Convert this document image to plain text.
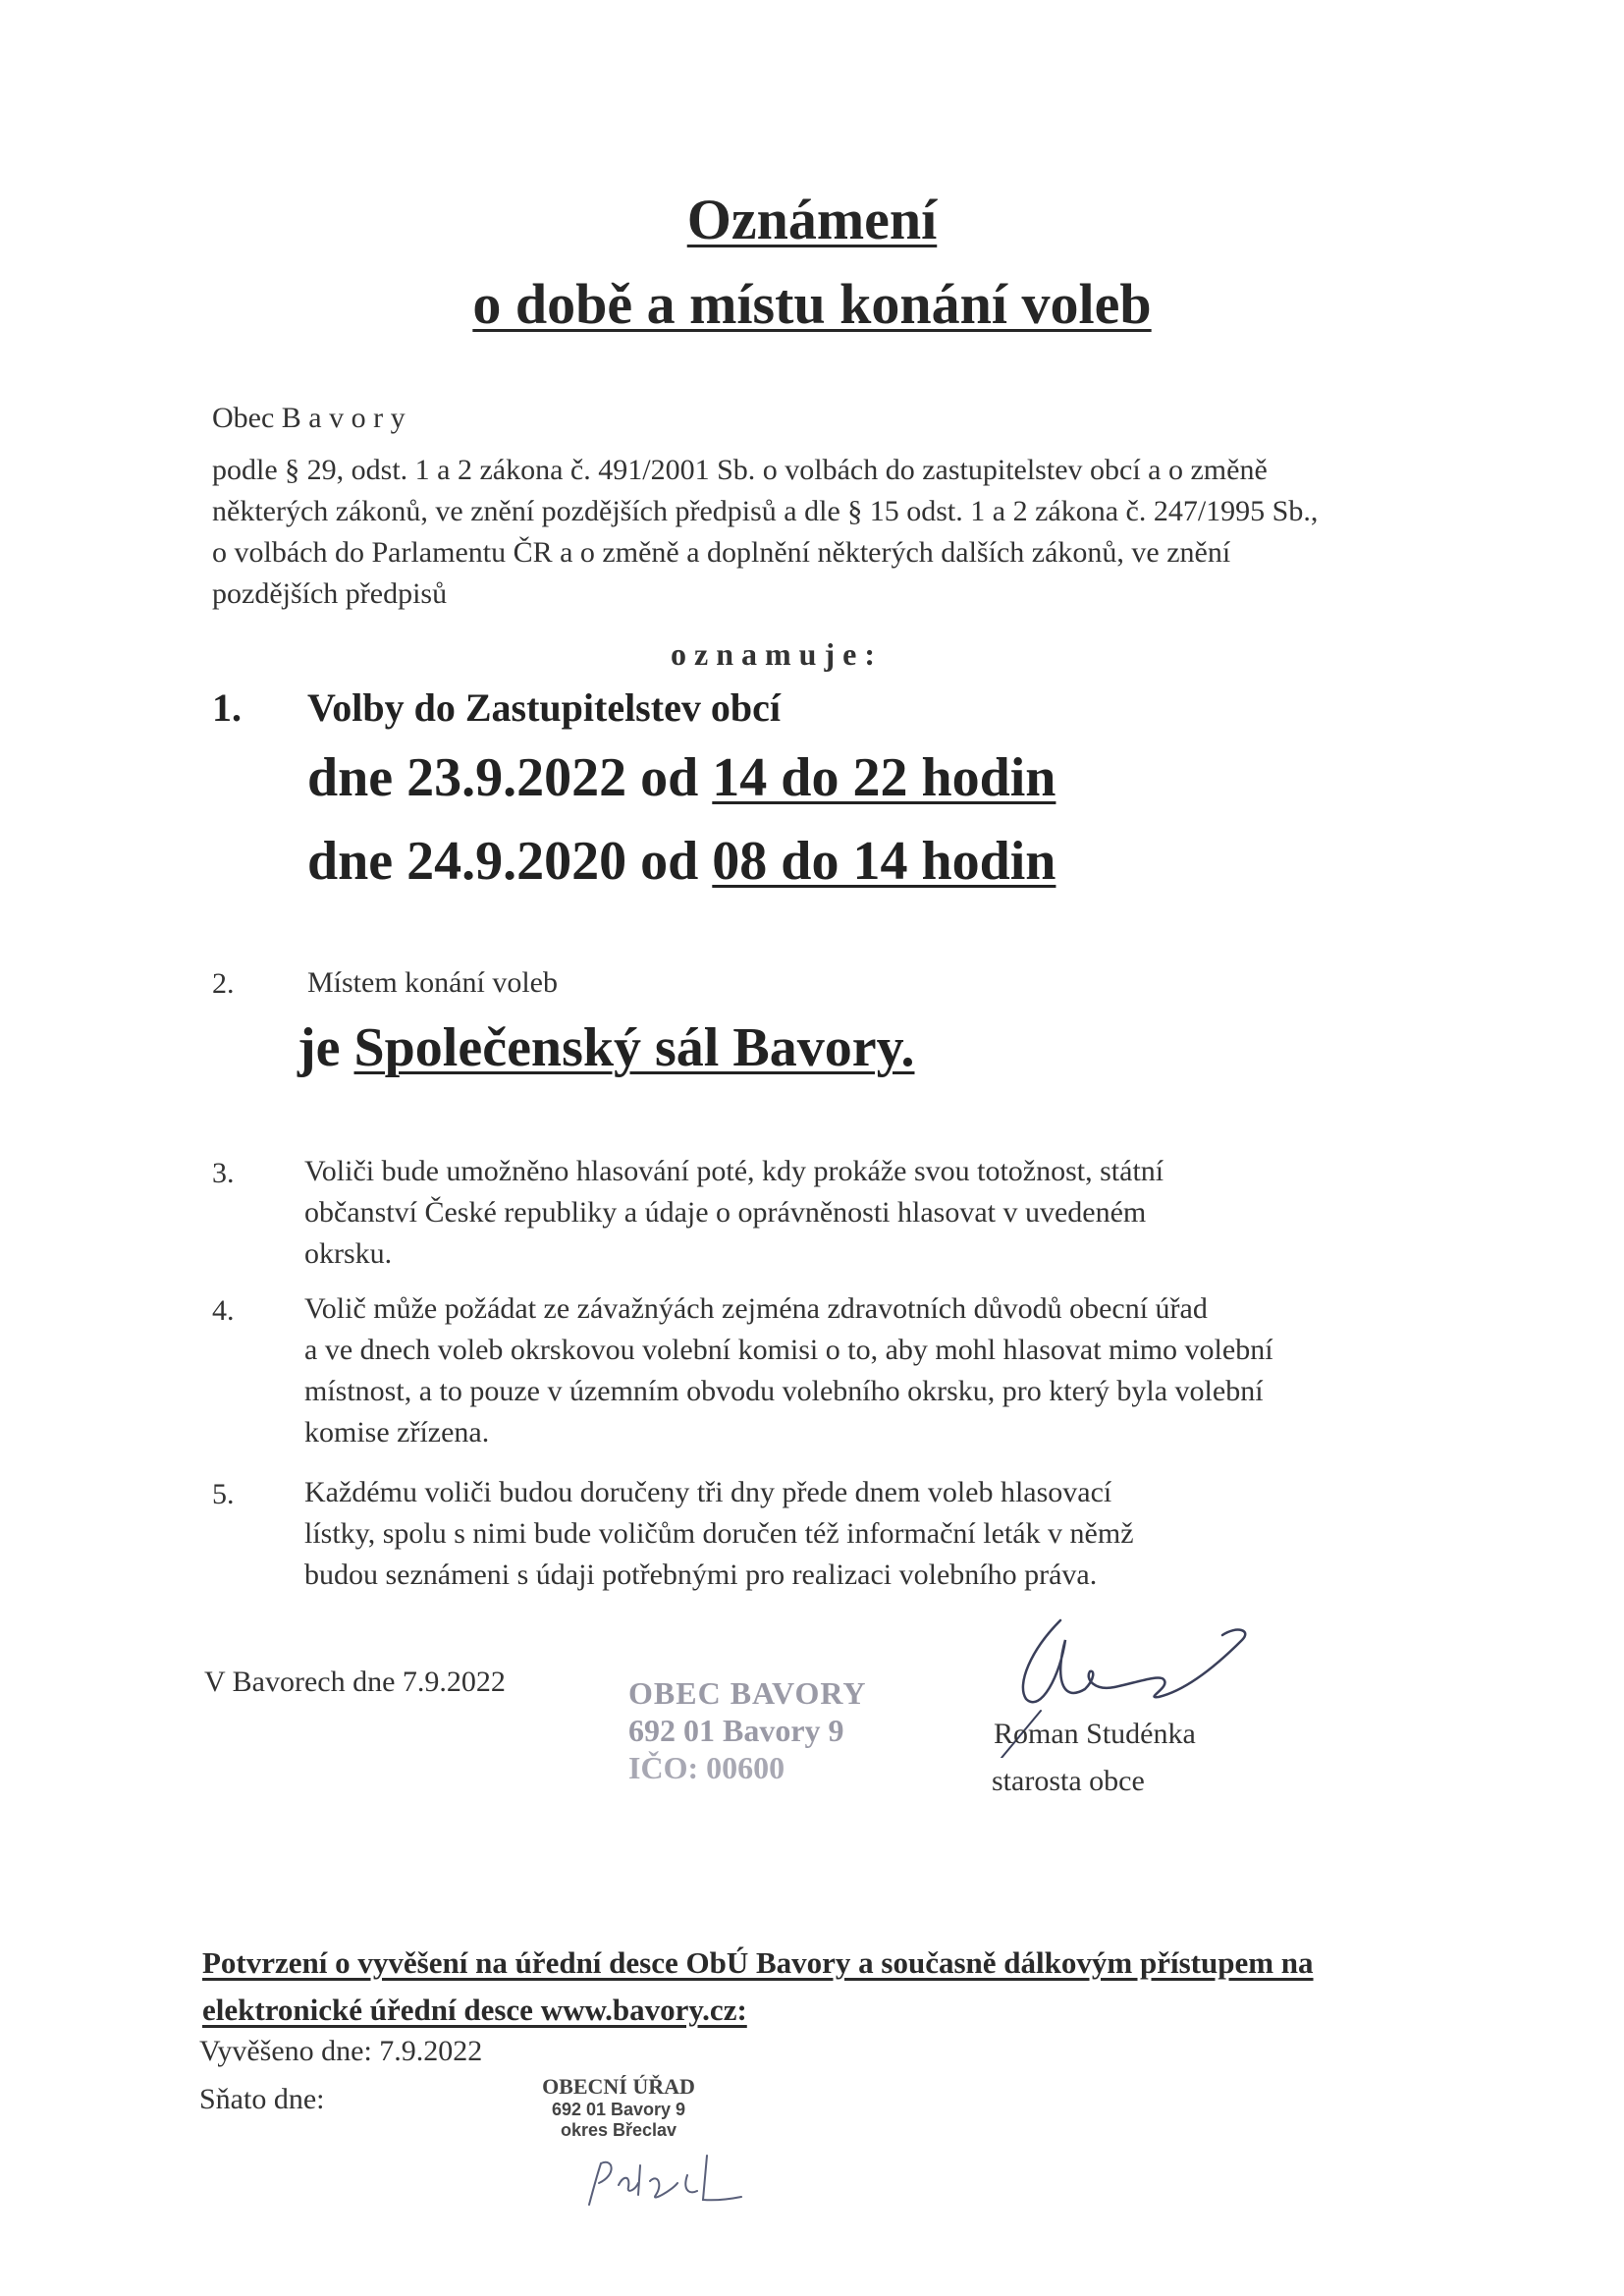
Oznámení
o době a místu konání voleb
Obec B a v o r y
podle § 29, odst. 1 a 2 zákona č. 491/2001 Sb. o volbách do zastupitelstev obcí a o změně
některých zákonů, ve znění pozdějších předpisů a dle § 15 odst. 1 a 2 zákona č. 247/1995 Sb.,
o volbách do Parlamentu ČR a o změně a doplnění některých dalších zákonů, ve znění
pozdějších předpisů
o z n a m u j e :
1. Volby do Zastupitelstev obcí
dne 23.9.2022 od 14 do 22 hodin
dne 24.9.2020 od 08 do 14 hodin
2. Místem konání voleb
je Společenský sál Bavory.
3. Voliči bude umožněno hlasování poté, kdy prokáže svou totožnost, státní
občanství České republiky a údaje o oprávněnosti hlasovat v uvedeném
okrsku.
4. Volič může požádat ze závažnýách zejména zdravotních důvodů obecní úřad
a ve dnech voleb okrskovou volební komisi o to, aby mohl hlasovat mimo volební
místnost, a to pouze v územním obvodu volebního okrsku, pro který byla volební
komise zřízena.
5. Každému voliči budou doručeny tři dny přede dnem voleb hlasovací
lístky, spolu s nimi bude voličům doručen též informační leták v němž
budou seznámeni s údaji potřebnými pro realizaci volebního práva.
V Bavorech dne 7.9.2022	OBEC BAVORY
692 01 Bavory 9
IČO: 00600
Roman Studénka
starosta obce
Potvrzení o vyvěšení na úřední desce ObÚ Bavory a současně dálkovým přístupem na
elektronické úřední desce www.bavory.cz:
Vyvěšeno dne: 7.9.2022
Sňato dne:	OBECNÍ ÚŘAD
692 01 Bavory 9
okres Břeclav
